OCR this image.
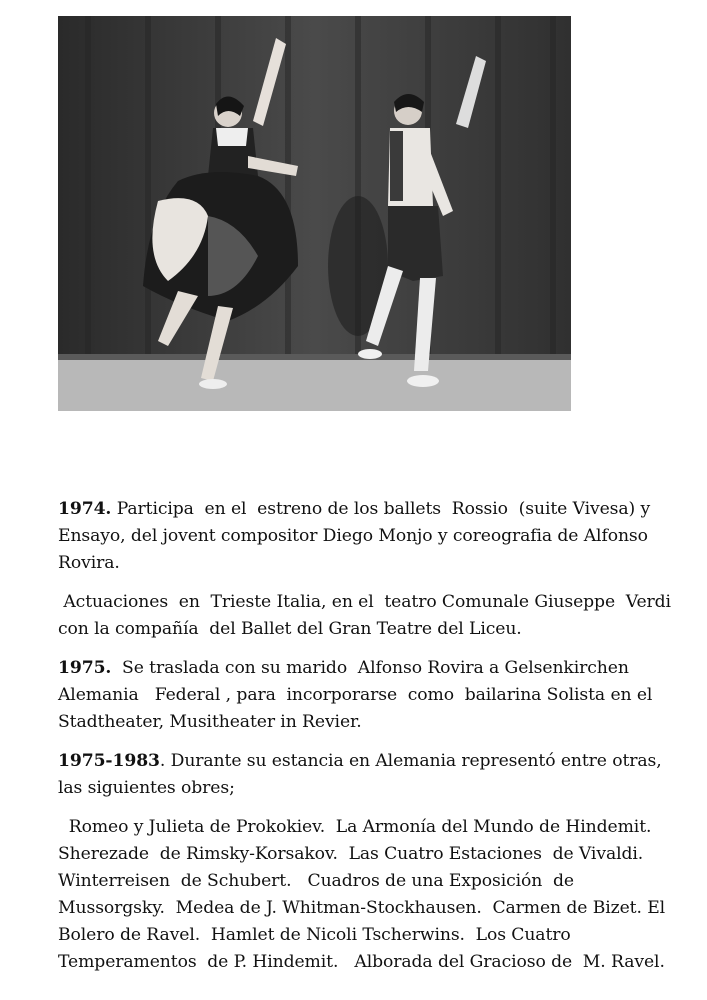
1974. Participa  en el  estreno de los ballets  Rossio  (suite Vivesa) y
Ensayo, del jovent compositor Diego Monjo y coreografia de Alfonso
Rovira.

Actuaciones  en  Trieste Italia, en el  teatro Comunale Giuseppe  Verdi
con la compañía  del Ballet del Gran Teatre del Liceu.

1975.  Se traslada con su marido  Alfonso Rovira a Gelsenkirchen
Alemania   Federal , para  incorporarse  como  bailarina Solista en el
Stadtheater, Musitheater in Revier.

1975-1983. Durante su estancia en Alemania representó entre otras,
las siguientes obres;

Romeo y Julieta de Prokokiev.  La Armonía del Mundo de Hindemit.
Sherezade  de Rimsky-Korsakov.  Las Cuatro Estaciones  de Vivaldi.
Winterreisen  de Schubert.   Cuadros de una Exposición  de
Mussorgsky.  Medea de J. Whitman-Stockhausen.  Carmen de Bizet. El
Bolero de Ravel.  Hamlet de Nicoli Tscherwins.  Los Cuatro
Temperamentos  de P. Hindemit.   Alborada del Gracioso de  M. Ravel.
